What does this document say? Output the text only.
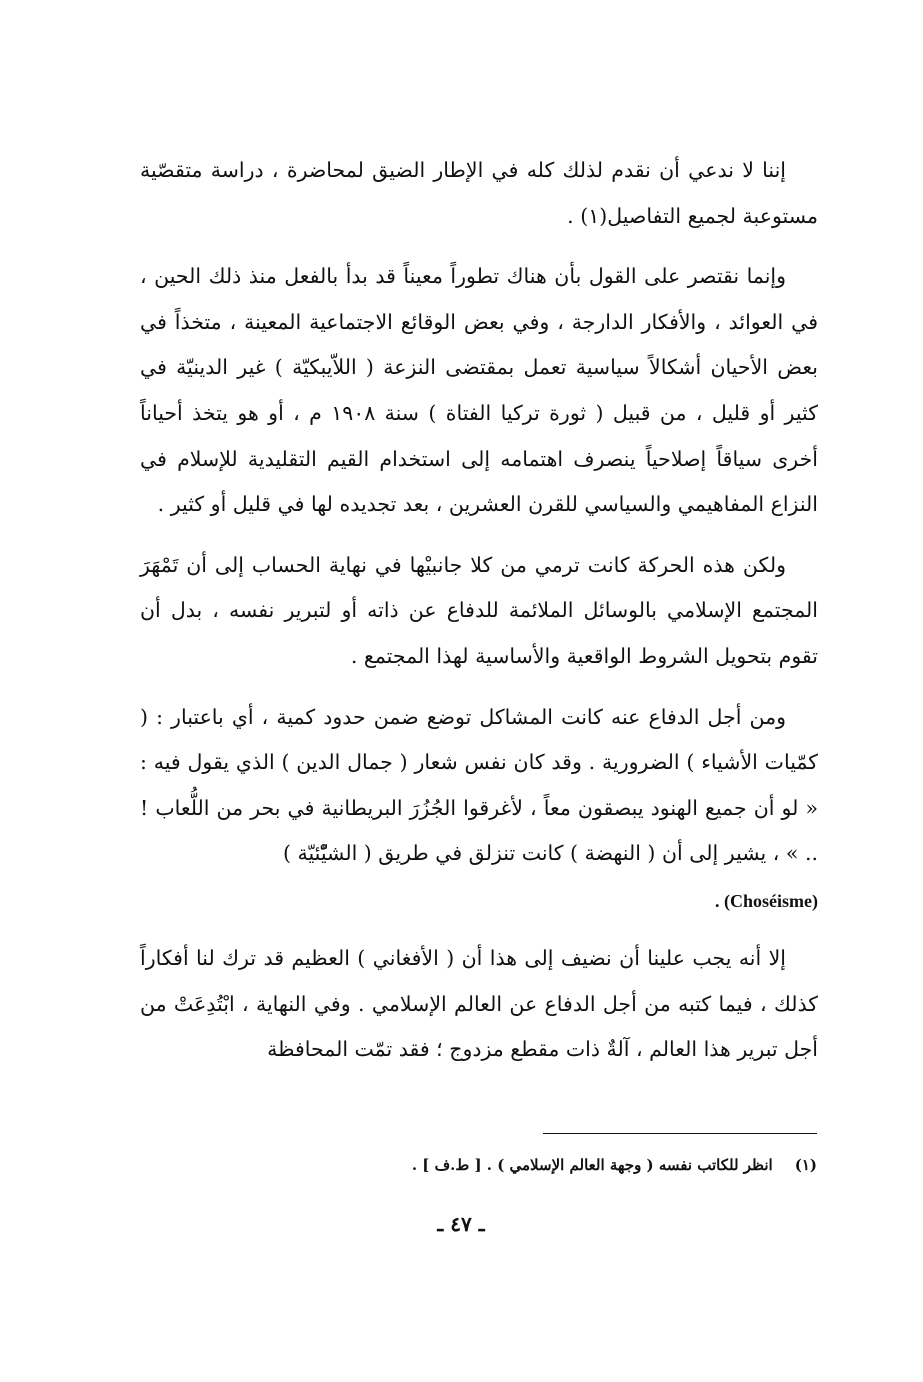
إننا لا ندعي أن نقدم لذلك كله في الإطار الضيق لمحاضرة ، دراسة متقصّية مستوعبة لجميع التفاصيل(١) .

وإنما نقتصر على القول بأن هناك تطوراً معيناً قد بدأ بالفعل منذ ذلك الحين ، في العوائد ، والأفكار الدارجة ، وفي بعض الوقائع الاجتماعية المعينة ، متخذاً في بعض الأحيان أشكالاً سياسية تعمل بمقتضى النزعة ( اللاّيبكيّة ) غير الدينيّة في كثير أو قليل ، من قبيل ( ثورة تركيا الفتاة ) سنة ١٩٠٨ م ، أو هو يتخذ أحياناً أخرى سياقاً إصلاحياً ينصرف اهتمامه إلى استخدام القيم التقليدية للإسلام في النزاع المفاهيمي والسياسي للقرن العشرين ، بعد تجديده لها في قليل أو كثير .

ولكن هذه الحركة كانت ترمي من كلا جانبيْها في نهاية الحساب إلى أن تَمْهَرَ المجتمع الإسلامي بالوسائل الملائمة للدفاع عن ذاته أو لتبرير نفسه ، بدل أن تقوم بتحويل الشروط الواقعية والأساسية لهذا المجتمع .

ومن أجل الدفاع عنه كانت المشاكل توضع ضمن حدود كمية ، أي باعتبار : ( كمّيات الأشياء ) الضرورية . وقد كان نفس شعار ( جمال الدين ) الذي يقول فيه : « لو أن جميع الهنود يبصقون معاً ، لأغرقوا الجُزُرَ البريطانية في بحر من اللُّعاب ! .. » ، يشير إلى أن ( النهضة ) كانت تنزلق في طريق ( الشيّْئيّة )

. (Choséisme)

إلا أنه يجب علينا أن نضيف إلى هذا أن ( الأفغاني ) العظيم قد ترك لنا أفكاراً كذلك ، فيما كتبه من أجل الدفاع عن العالم الإسلامي . وفي النهاية ، ابْتُدِعَتْ من أجل تبرير هذا العالم ، آلةٌ ذات مقطع مزدوج ؛ فقد تمّت المحافظة

(١)انظر للكاتب نفسه ( وجهة العالم الإسلامي ) . [ ط.ف ] .
ـ ٤٧ ـ
